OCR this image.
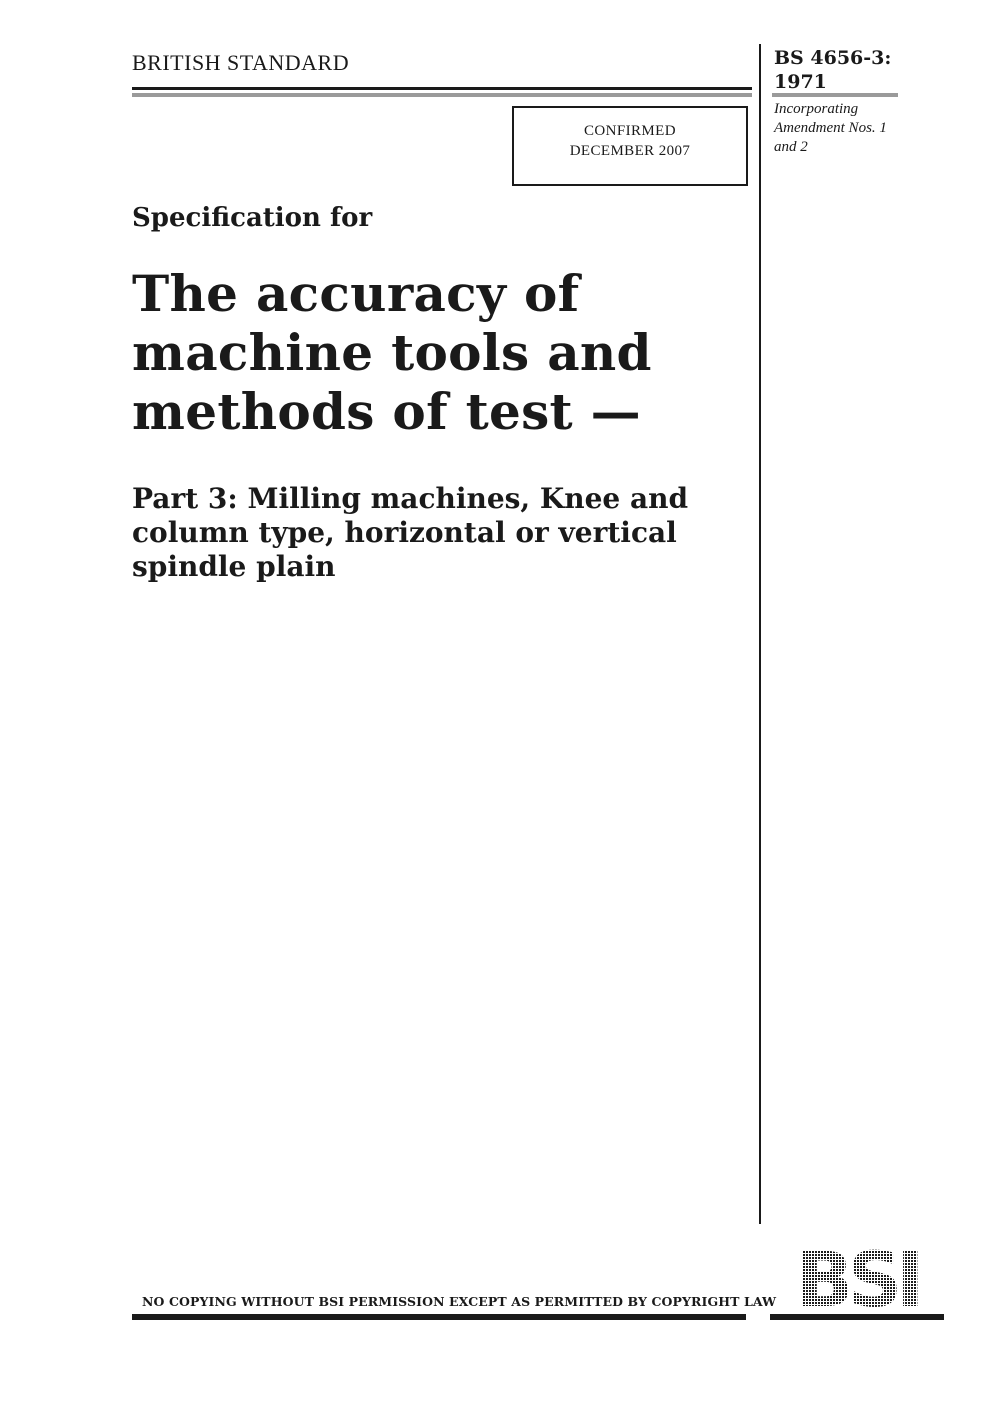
BRITISH STANDARD	BS 4656-3:
1971
Incorporating
Amendment Nos. 1
and 2
CONFIRMED
DECEMBER 2007
Specification for
The accuracy of
machine tools and
methods of test —
Part 3: Milling machines, Knee and
column type, horizontal or vertical
spindle plain
BSI
NO COPYING WITHOUT BSI PERMISSION EXCEPT AS PERMITTED BY COPYRIGHT LAW
